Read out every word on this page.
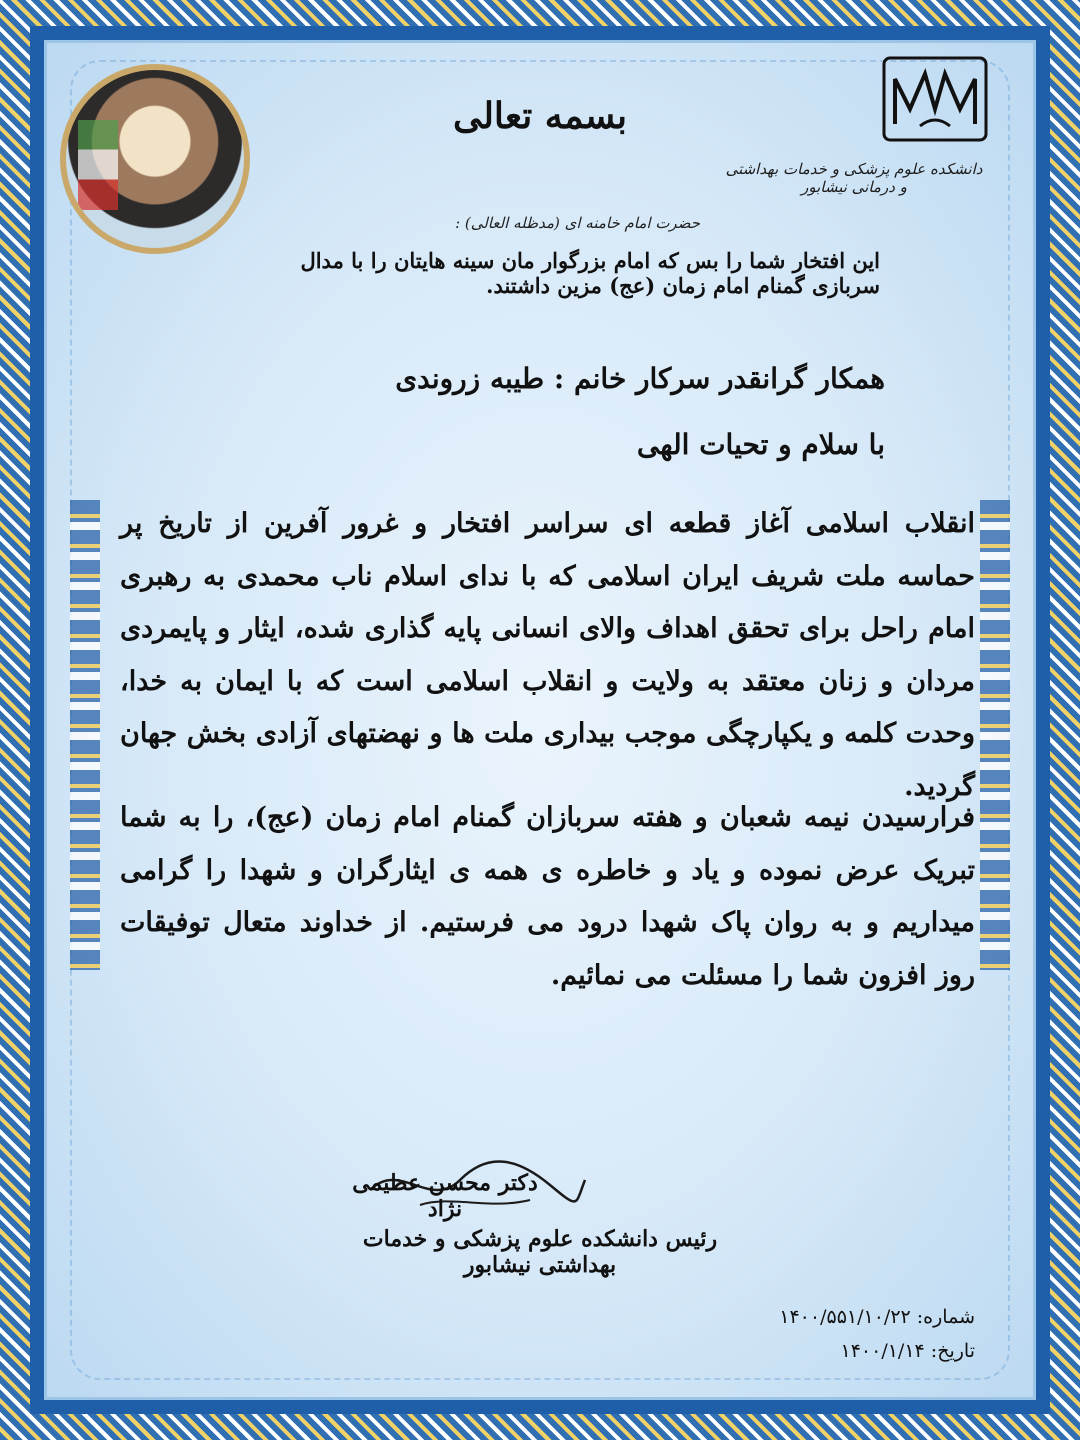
دانشکده علوم پزشکی و خدمات بهداشتی و درمانی نیشابور
بسمه تعالی
حضرت امام خامنه ای (مدظله العالی) :
این افتخار شما را بس که امام بزرگوار مان سینه هایتان را با مدال سربازی گمنام امام زمان (عج) مزین داشتند.
همکار گرانقدر سرکار خانم : طیبه زروندی
با سلام و تحیات الهی
انقلاب اسلامی آغاز قطعه ای سراسر افتخار و غرور آفرین از تاریخ پر حماسه ملت شریف ایران اسلامی که با ندای اسلام ناب محمدی به رهبری امام راحل برای تحقق اهداف والای انسانی پایه گذاری شده، ایثار و پایمردی مردان و زنان معتقد به ولایت و انقلاب اسلامی است که با ایمان به خدا، وحدت کلمه و یکپارچگی موجب بیداری ملت ها و نهضتهای آزادی بخش جهان گردید.
فرارسیدن نیمه شعبان و هفته سربازان گمنام امام زمان (عج)، را به شما تبریک عرض نموده و یاد و خاطره ی همه ی ایثارگران و شهدا را گرامی میداریم و به روان پاک شهدا درود می فرستیم. از خداوند متعال توفیقات روز افزون شما را مسئلت می نمائیم.
دکتر محسن عظیمی نژاد
رئیس دانشکده علوم پزشکی و خدمات بهداشتی نیشابور
شماره: ۱۴۰۰/۵۵۱/۱۰/۲۲
تاریخ: ۱۴۰۰/۱/۱۴
